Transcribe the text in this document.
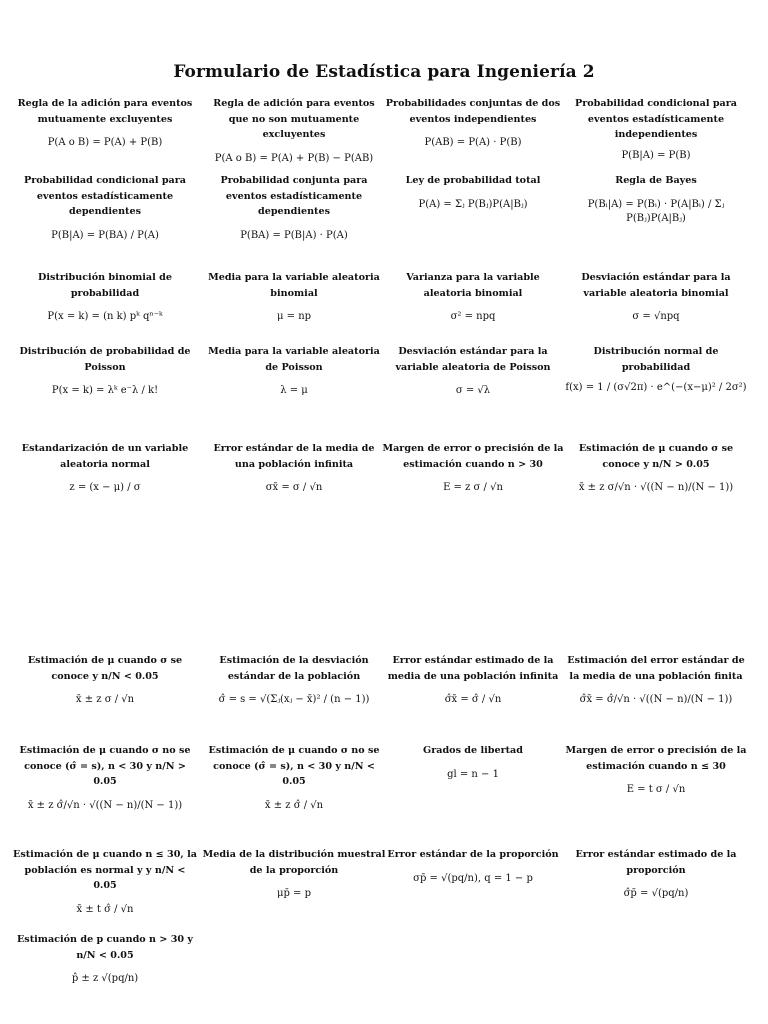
Formulario de Estadística para Ingeniería 2
Regla de la adición para eventos mutuamente excluyentes
P(A o B) = P(A) + P(B)
Regla de adición para eventos que no son mutuamente excluyentes
P(A o B) = P(A) + P(B) − P(AB)
Probabilidades conjuntas de dos eventos independientes
P(AB) = P(A) · P(B)
Probabilidad condicional para eventos estadísticamente independientes
P(B|A) = P(B)
Probabilidad condicional para eventos estadísticamente dependientes
P(B|A) = P(BA) / P(A)
Probabilidad conjunta para eventos estadísticamente dependientes
P(BA) = P(B|A) · P(A)
Ley de probabilidad total
P(A) = Σⱼ P(Bⱼ)P(A|Bⱼ)
Regla de Bayes
P(Bᵢ|A) = P(Bᵢ) · P(A|Bᵢ) / Σⱼ P(Bⱼ)P(A|Bⱼ)
Distribución binomial de probabilidad
P(x = k) = (n k) pᵏ qⁿ⁻ᵏ
Media para la variable aleatoria binomial
μ = np
Varianza para la variable aleatoria binomial
σ² = npq
Desviación estándar para la variable aleatoria binomial
σ = √npq
Distribución de probabilidad de Poisson
P(x = k) = λᵏ e⁻λ / k!
Media para la variable aleatoria de Poisson
λ = μ
Desviación estándar para la variable aleatoria de Poisson
σ = √λ
Distribución normal de probabilidad
f(x) = 1 / (σ√2π) · e^(−(x−μ)² / 2σ²)
Estandarización de un variable aleatoria normal
z = (x − μ) / σ
Error estándar de la media de una población infinita
σx̄ = σ / √n
Margen de error o precisión de la estimación cuando n > 30
E = z σ / √n
Estimación de μ cuando σ se conoce y n/N > 0.05
x̄ ± z σ/√n · √((N − n)/(N − 1))
Estimación de μ cuando σ se conoce y n/N < 0.05
x̄ ± z σ / √n
Estimación de la desviación estándar de la población
σ̂ = s = √(Σⱼ(xⱼ − x̄)² / (n − 1))
Error estándar estimado de la media de una población infinita
σ̂x̄ = σ̂ / √n
Estimación del error estándar de la media de una población finita
σ̂x̄ = σ̂/√n · √((N − n)/(N − 1))
Estimación de μ cuando σ no se conoce (σ̂ = s), n < 30 y n/N > 0.05
x̄ ± z σ̂/√n · √((N − n)/(N − 1))
Estimación de μ cuando σ no se conoce (σ̂ = s), n < 30 y n/N < 0.05
x̄ ± z σ̂ / √n
Grados de libertad
gl = n − 1
Margen de error o precisión de la estimación cuando n ≤ 30
E = t σ / √n
Estimación de μ cuando n ≤ 30, la población es normal y y n/N < 0.05
x̄ ± t σ̂ / √n
Media de la distribución muestral de la proporción
μp̄ = p
Error estándar de la proporción
σp̄ = √(pq/n), q = 1 − p
Error estándar estimado de la proporción
σ̂p̄ = √(pq/n)
Estimación de p cuando n > 30 y n/N < 0.05
p̂ ± z √(pq/n)
